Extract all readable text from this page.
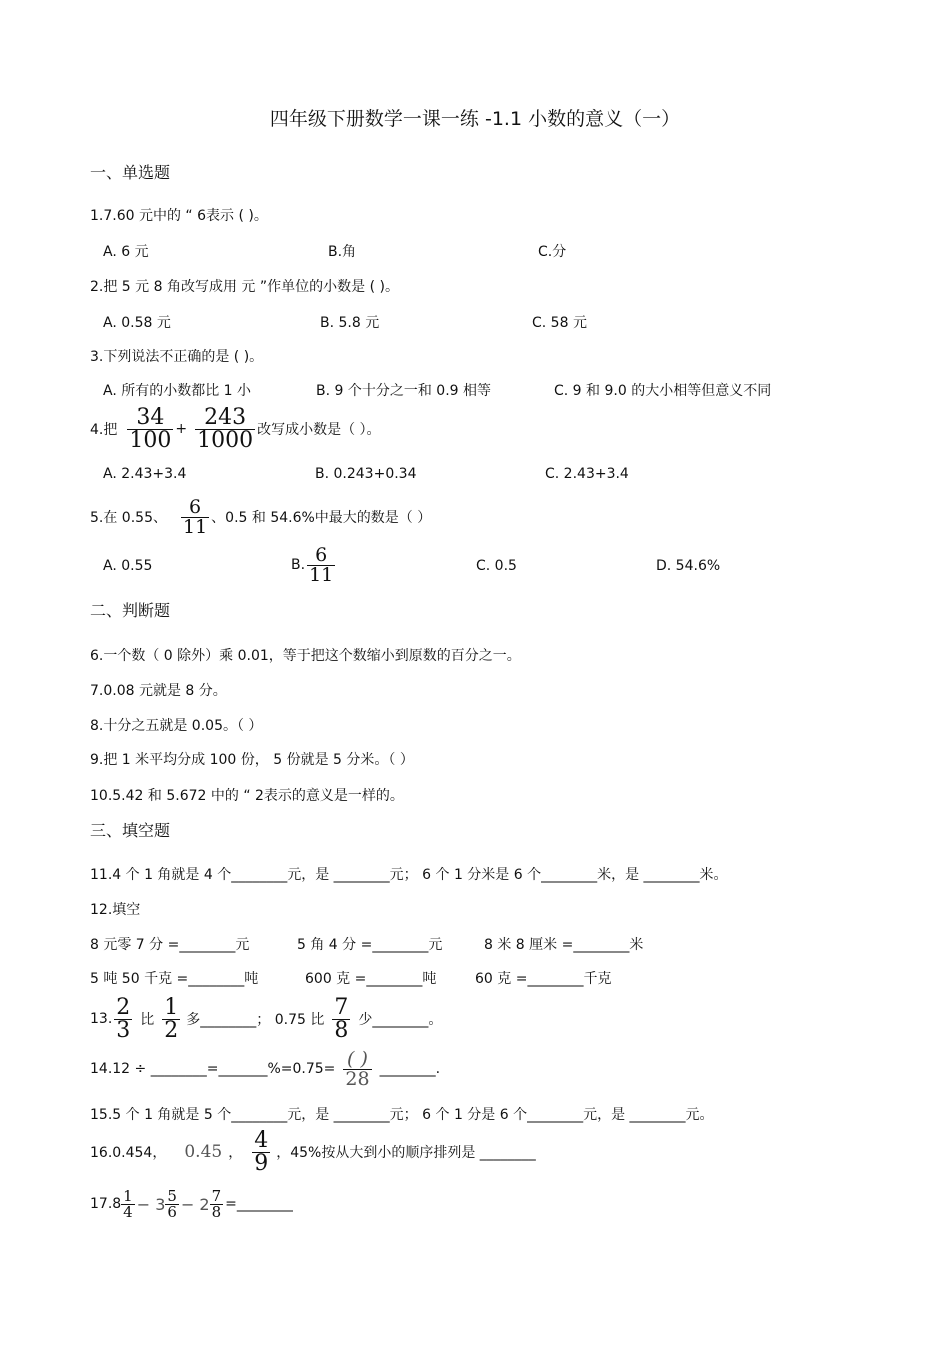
四年级下册数学一课一练 -1.1 小数的意义（一）
一、单选题
1.7.60 元中的 “ 6表示 ( )。
A. 6 元	B.角	C.分
2.把 5 元 8 角改写成用 元 ”作单位的小数是 ( )。
A. 0.58 元	B. 5.8 元	C. 58 元
3.下列说法不正确的是 ( )。
A. 所有的小数都比 1 小	B. 9 个十分之一和 0.9 相等	C. 9 和 9.0 的大小相等但意义不同
4.把 $\frac{34}{100} + \frac{243}{1000}$ 改写成小数是（ ）。
A. 2.43+3.4	B. 0.243+0.34	C. 2.43+3.4
5.在 0.55、 $\frac{6}{11}$ 、0.5 和 54.6%中最大的数是（ ）
A. 0.55	B. $\frac{6}{11}$	C. 0.5	D. 54.6%
二、判断题
6.一个数（ 0 除外）乘 0.01，等于把这个数缩小到原数的百分之一。
7.0.08 元就是 8 分。
8.十分之五就是 0.05。（ ）
9.把 1 米平均分成 100 份， 5 份就是 5 分米。（ ）
10.5.42 和 5.672 中的 “ 2表示的意义是一样的。
三、填空题
11.4 个 1 角就是 4 个________元，是 ________元； 6 个 1 分米是 6 个________米，是 ________米。
12.填空
8 元零 7 分 =________元	5 角 4 分 =________元	8 米 8 厘米 =________米
5 吨 50 千克 =________吨	600 克 =________吨	60 克 =________千克
13. $\frac{2}{3}$ 比 $\frac{1}{2}$ 多________； 0.75 比 $\frac{7}{8}$ 少________。
14.12 ÷ ________=_______%=0.75= $\frac{( )}{28}$ ________.
15.5 个 1 角就是 5 个________元，是 ________元； 6 个 1 分是 6 个________元，是 ________元。
16.0.454， 0.45 ， $\frac{4}{9}$ ，45%按从大到小的顺序排列是 ________
$17.8 \frac{1}{4} - 3 \frac{5}{6} - 2 \frac{7}{8}$ =________
